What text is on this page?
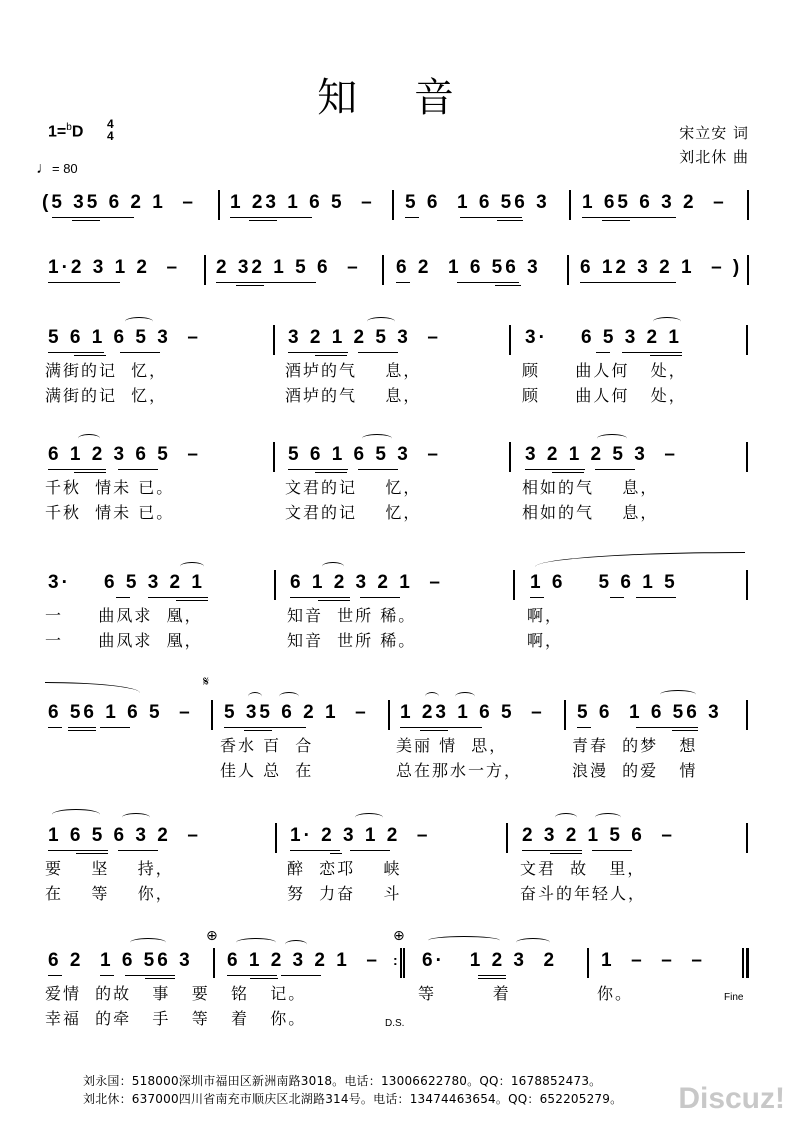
知 音
1=$^b$D 4
4
♩= 80
宋立安 词
刘北休 曲
(5 35 6 2 1  – 1 23 1 6 5  – 5 6  1 6 56 3 1 65 6 3 2  –
1·2 3 1 2  – 2 32 1 5 6  – 6 2  1 6 56 3 6 12 3 2 1  – )
5 6 1 6 5 3  –	3 2 1 2 5 3  –	3·    6 5 3 2 1
满街的记  忆，	酒垆的气    息，	顾     曲人何   处，
满街的记  忆，	酒垆的气    息，	顾     曲人何   处，
6 1 2 3 6 5  –	5 6 1 6 5 3  –	3 2 1 2 5 3  –
千秋  情未 已。	文君的记    忆，	相如的气    息，
千秋  情未 已。	文君的记    忆，	相如的气    息，
3·    6 5 3 2 1	6 1 2 3 2 1  –	1 6    5 6 1 5
一     曲凤求  凰，	知音  世所 稀。	啊，
一     曲凤求  凰，	知音  世所 稀。	啊，
6 56 1 6 5  –
𝄋
5 35 6 2 1  – 1 23 1 6 5  – 5 6  1 6 56 3
香水 百  合	美丽 情  思，	青春  的梦   想
佳人 总  在	总在那水一方，	浪漫  的爱   情
1 6 5 6 3 2  –	1· 2 3 1 2  –	2 3 2 1 5 6  –
要    坚    持，	醉  恋邛    峡	文君  故   里，
在    等    你，	努  力奋    斗	奋斗的年轻人，
6 2  1 6 56 3
⊕
6 1 2 3 2 1  –
⊕
: 6·   1 2 3  2 1  –  –  –
爱情  的故   事   要   铭   记。	等        着	你。
幸福  的牵   手   等   着   你。	D.S.
Fine
刘永国：518000深圳市福田区新洲南路3018。电话：13006622780。QQ：1678852473。
刘北休：637000四川省南充市顺庆区北湖路314号。电话：13474463654。QQ：652205279。 Discuz!
